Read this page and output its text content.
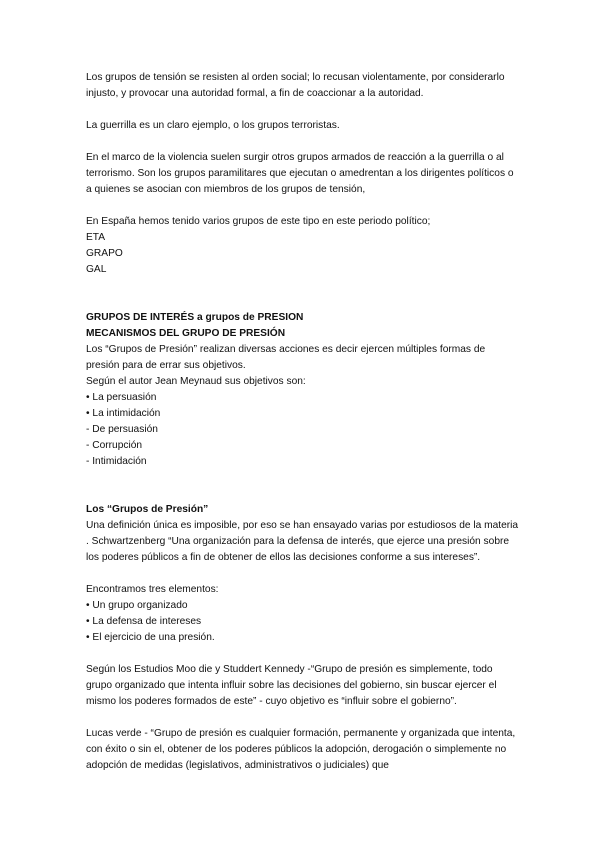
Los grupos de tensión se resisten al orden social; lo recusan violentamente, por considerarlo injusto, y provocar una autoridad formal, a fin de coaccionar a la autoridad.

La guerrilla es un claro ejemplo, o los grupos terroristas.

En el marco de la violencia suelen surgir otros grupos armados de reacción a la guerrilla o al terrorismo. Son los grupos paramilitares que ejecutan o amedrentan a los dirigentes políticos o a quienes se asocian con miembros de los grupos de tensión,

En España hemos tenido varios grupos de este tipo en este periodo político;

ETA

GRAPO

GAL

GRUPOS DE INTERÉS a grupos de PRESION

MECANISMOS DEL GRUPO DE PRESIÓN

Los “Grupos de Presión” realizan diversas acciones es decir ejercen múltiples formas de presión para de errar sus objetivos.

Según el autor Jean Meynaud sus objetivos son:

• La persuasión

• La intimidación

- De persuasión

- Corrupción

- Intimidación

Los “Grupos de Presión”

Una definición única es imposible, por eso se han ensayado varias por estudiosos de la materia . Schwartzenberg “Una organización para la defensa de interés, que ejerce una presión sobre los poderes públicos a fin de obtener de ellos las decisiones conforme a sus intereses”.

Encontramos tres elementos:

• Un grupo organizado

• La defensa de intereses

• El ejercicio de una presión.

Según los Estudios Moo die y Studdert Kennedy -“Grupo de presión es simplemente, todo grupo organizado que intenta influir sobre las decisiones del gobierno, sin buscar ejercer el mismo los poderes formados de este” - cuyo objetivo es “influir sobre el gobierno”.

Lucas verde - “Grupo de presión es cualquier formación, permanente y organizada que intenta, con éxito o sin el, obtener de los poderes públicos la adopción, derogación o simplemente no adopción de medidas (legislativos, administrativos o judiciales) que
